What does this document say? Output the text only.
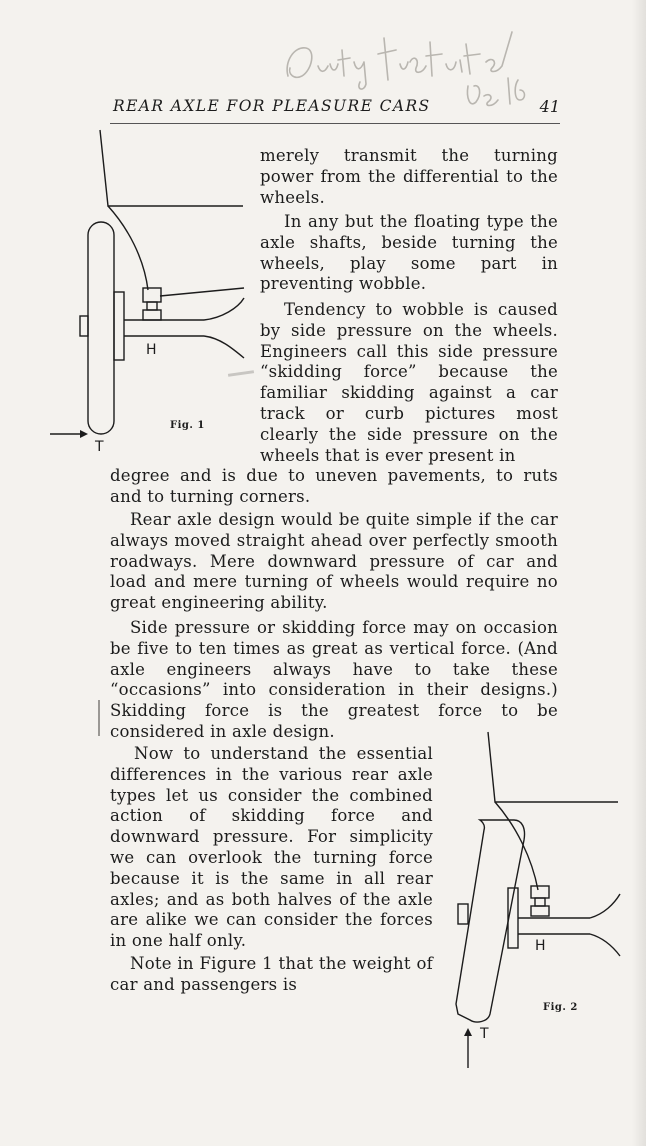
REAR AXLE FOR PLEASURE CARS	41
Fig. 1
H
T
Fig. 2
H
T

merely transmit the turning power from the differential to the wheels.

In any but the floating type the axle shafts, beside turning the wheels, play some part in preventing wobble.

Tendency to wobble is caused by side pressure on the wheels. Engineers call this side pressure “skidding force” because the familiar skidding against a car track or curb pictures most clearly the side pressure on the wheels that is ever present in

degree and is due to uneven pavements, to ruts and to turning corners.

Rear axle design would be quite simple if the car always moved straight ahead over perfectly smooth roadways. Mere downward pressure of car and load and mere turning of wheels would require no great engineering ability.

Side pressure or skidding force may on occasion be five to ten times as great as vertical force. (And axle engineers always have to take these “occasions” into consideration in their designs.) Skidding force is the greatest force to be considered in axle design.

Now to understand the essential differences in the various rear axle types let us consider the combined action of skidding force and downward pressure. For simplicity we can overlook the turning force because it is the same in all rear axles; and as both halves of the axle are alike we can consider the forces in one half only.

Note in Figure 1 that the weight of car and passengers is
